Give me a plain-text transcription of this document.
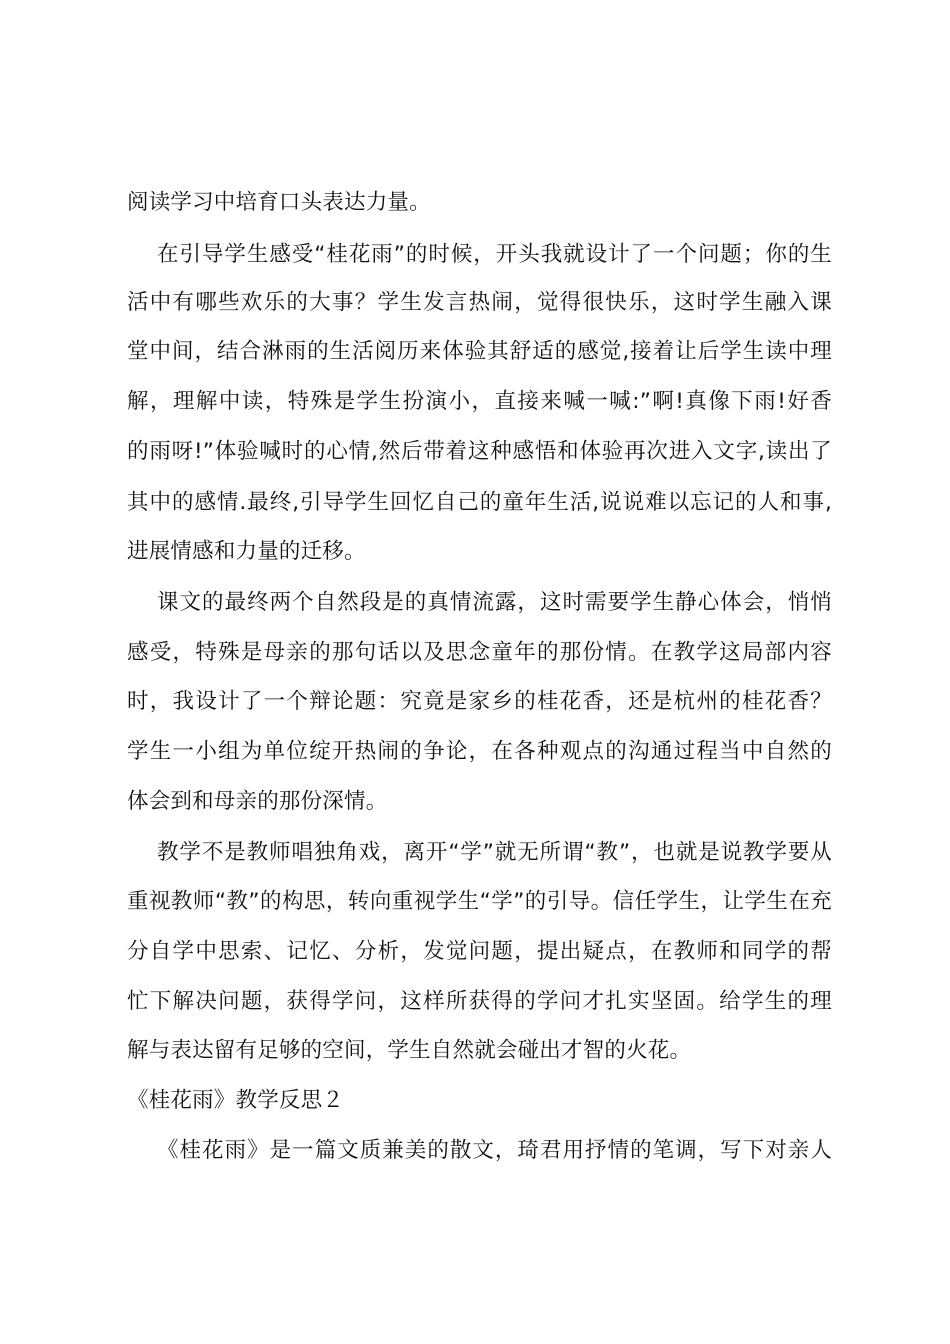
阅读学习中培育口头表达力量。
在引导学生感受“桂花雨”的时候，开头我就设计了一个问题；你的生
活中有哪些欢乐的大事？学生发言热闹，觉得很快乐，这时学生融入课
堂中间，结合淋雨的生活阅历来体验其舒适的感觉,接着让后学生读中理
解，理解中读，特殊是学生扮演小，直接来喊一喊:”啊!真像下雨!好香
的雨呀!”体验喊时的心情,然后带着这种感悟和体验再次进入文字,读出了
其中的感情.最终,引导学生回忆自己的童年生活,说说难以忘记的人和事,
进展情感和力量的迁移。
课文的最终两个自然段是的真情流露，这时需要学生静心体会，悄悄
感受，特殊是母亲的那句话以及思念童年的那份情。在教学这局部内容
时，我设计了一个辩论题：究竟是家乡的桂花香，还是杭州的桂花香？
学生一小组为单位绽开热闹的争论，在各种观点的沟通过程当中自然的
体会到和母亲的那份深情。
教学不是教师唱独角戏，离开“学”就无所谓“教”，也就是说教学要从
重视教师“教”的构思，转向重视学生“学”的引导。信任学生，让学生在充
分自学中思索、记忆、分析，发觉问题，提出疑点，在教师和同学的帮
忙下解决问题，获得学问，这样所获得的学问才扎实坚固。给学生的理
解与表达留有足够的空间，学生自然就会碰出才智的火花。
《桂花雨》教学反思２
《桂花雨》是一篇文质兼美的散文，琦君用抒情的笔调，写下对亲人
